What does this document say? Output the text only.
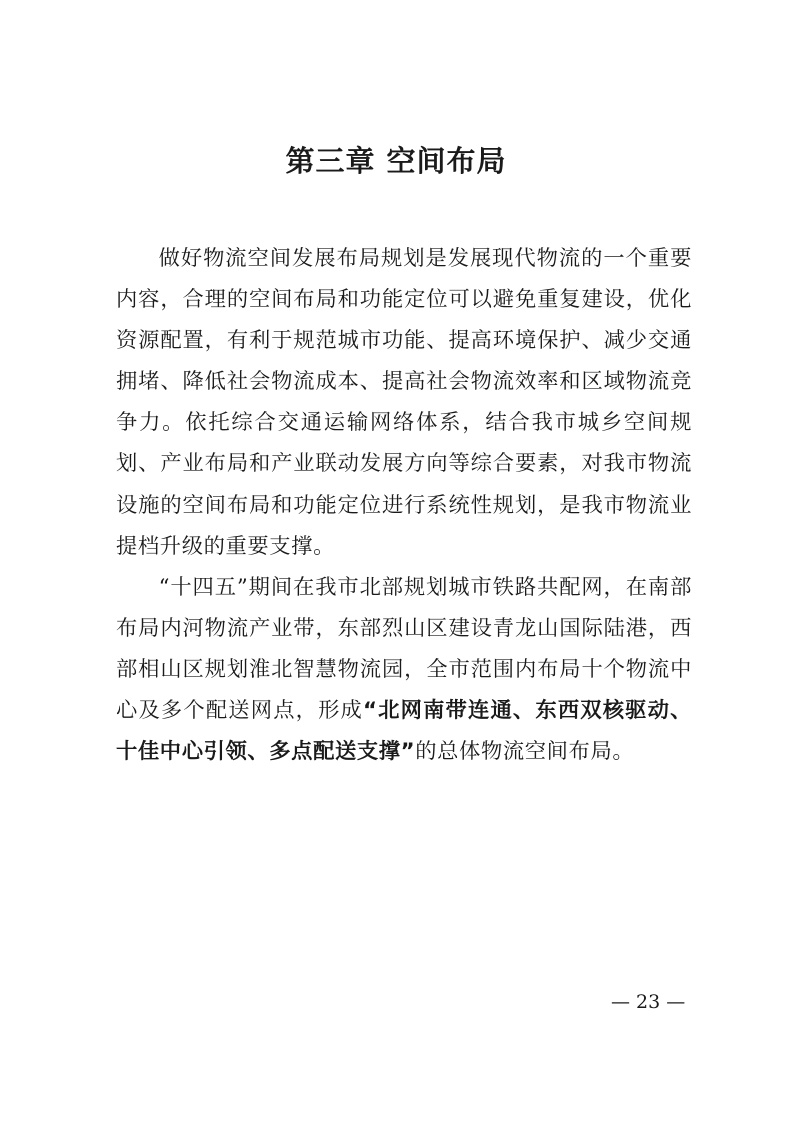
第三章 空间布局

做好物流空间发展布局规划是发展现代物流的一个重要内容，合理的空间布局和功能定位可以避免重复建设，优化资源配置，有利于规范城市功能、提高环境保护、减少交通拥堵、降低社会物流成本、提高社会物流效率和区域物流竞争力。依托综合交通运输网络体系，结合我市城乡空间规划、产业布局和产业联动发展方向等综合要素，对我市物流设施的空间布局和功能定位进行系统性规划，是我市物流业提档升级的重要支撑。

“十四五”期间在我市北部规划城市铁路共配网，在南部布局内河物流产业带，东部烈山区建设青龙山国际陆港，西部相山区规划淮北智慧物流园，全市范围内布局十个物流中心及多个配送网点，形成“北网南带连通、东西双核驱动、十佳中心引领、多点配送支撑”的总体物流空间布局。

— 23 —
